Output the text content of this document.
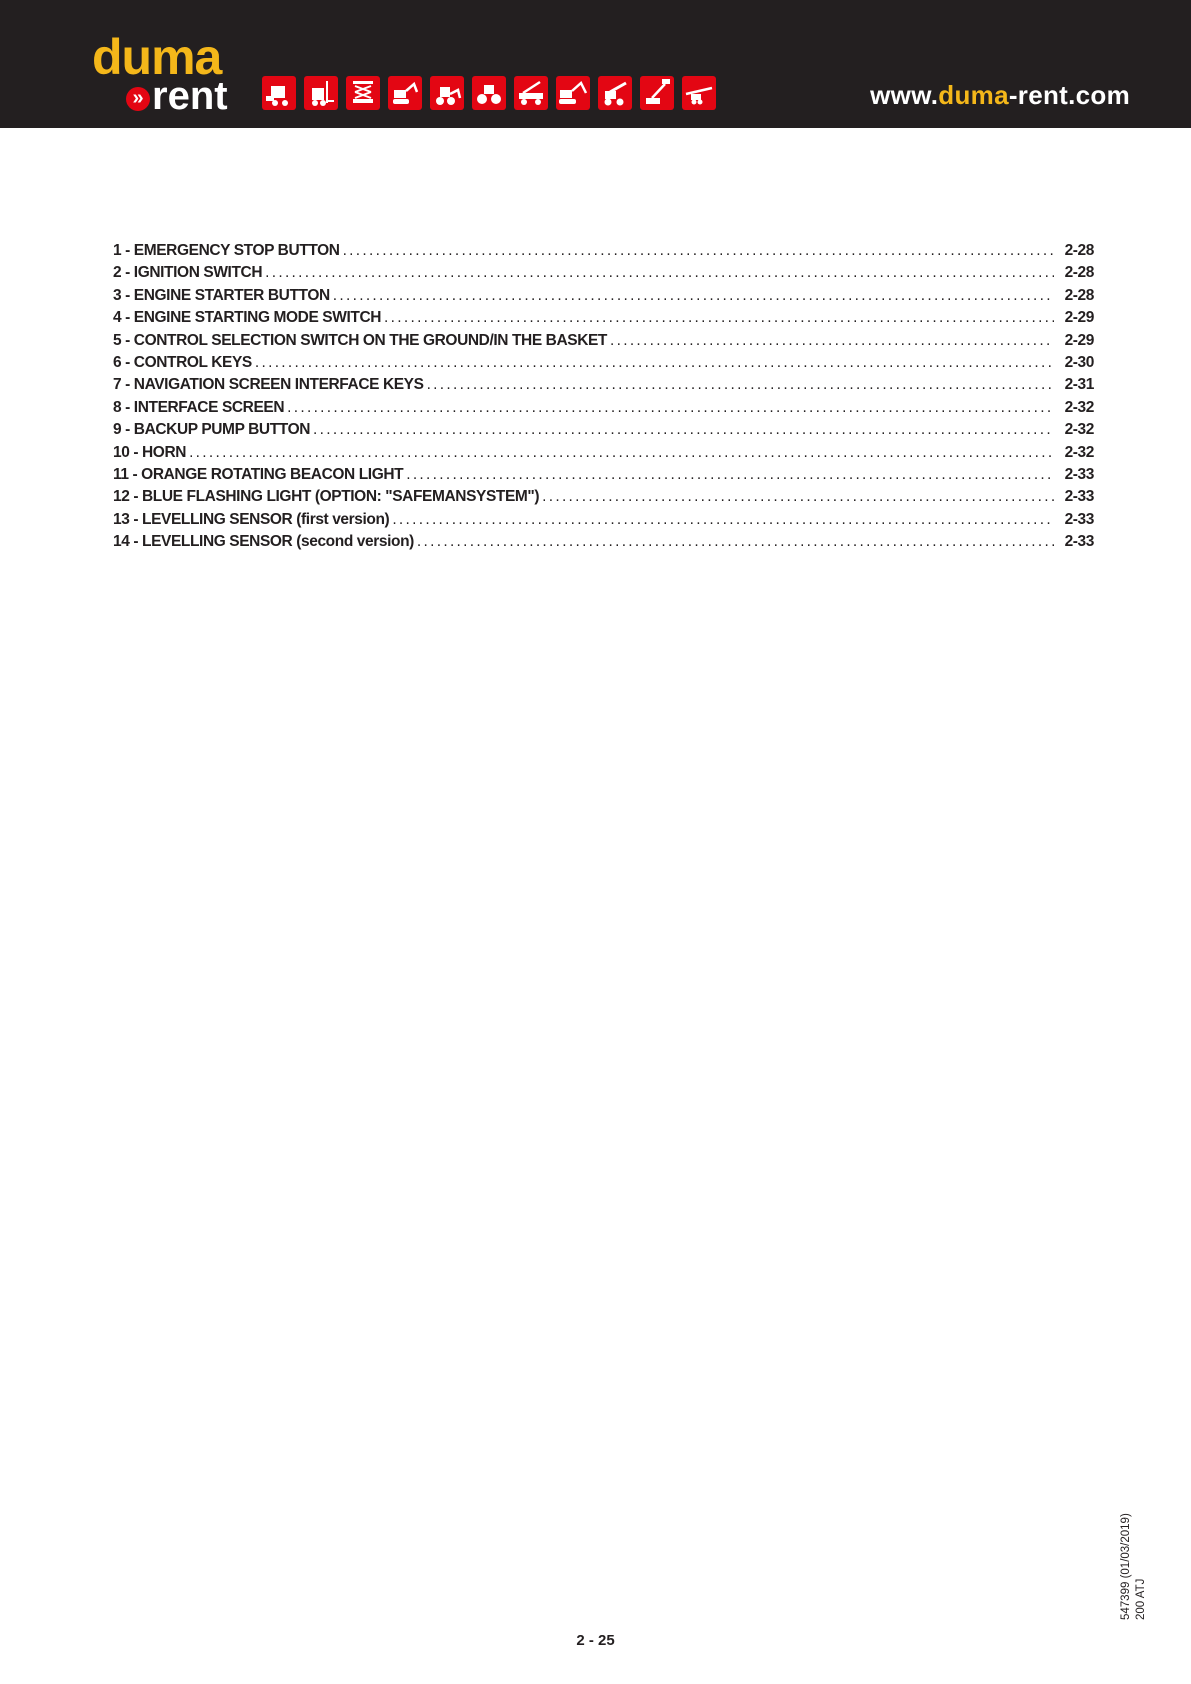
duma
» rent	www.duma-rent.com
1 - EMERGENCY STOP BUTTON .....	2-28
2 - IGNITION SWITCH .....	2-28
3 - ENGINE STARTER BUTTON .....	2-28
4 - ENGINE STARTING MODE SWITCH .....	2-29
5 - CONTROL SELECTION SWITCH ON THE GROUND/IN THE BASKET .....	2-29
6 - CONTROL KEYS .....	2-30
7 - NAVIGATION SCREEN INTERFACE KEYS .....	2-31
8 - INTERFACE SCREEN .....	2-32
9 - BACKUP PUMP BUTTON .....	2-32
10 - HORN .....	2-32
11 - ORANGE ROTATING BEACON LIGHT .....	2-33
12 - BLUE FLASHING LIGHT (OPTION: "SAFEMANSYSTEM") .....	2-33
13 - LEVELLING SENSOR (first version) .....	2-33
14 - LEVELLING SENSOR (second version) .....	2-33
547399 (01/03/2019) 200 ATJ
2 - 25
